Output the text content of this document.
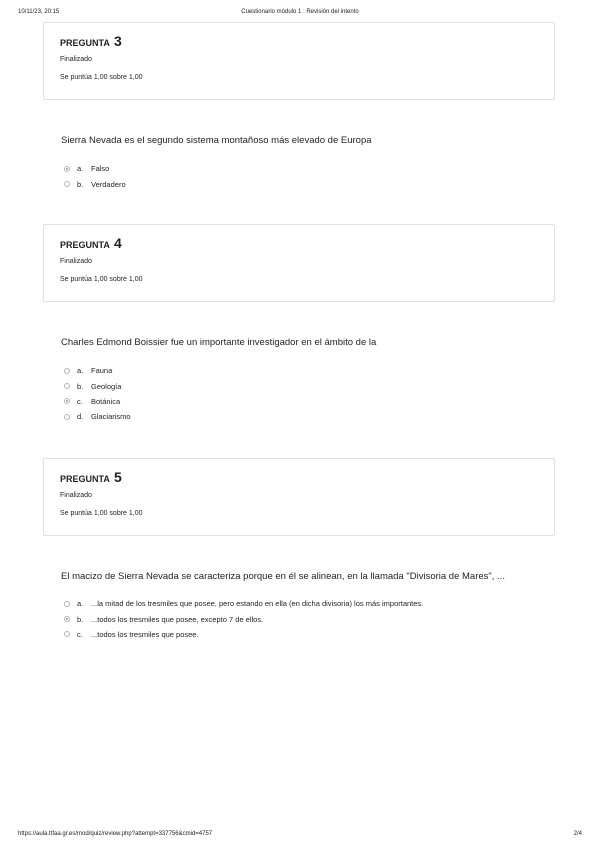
10/11/23, 20:15	Cuestionario módulo 1 : Revisión del intento
PREGUNTA 3
Finalizado
Se puntúa 1,00 sobre 1,00
Sierra Nevada es el segundo sistema montañoso más elevado de Europa
a.	Falso
b.	Verdadero
PREGUNTA 4
Finalizado
Se puntúa 1,00 sobre 1,00
Charles Edmond Boissier fue un importante investigador en el ámbito de la
a.	Fauna
b.	Geología
c.	Botánica
d.	Glaciarismo
PREGUNTA 5
Finalizado
Se puntúa 1,00 sobre 1,00
El macizo de Sierra Nevada se caracteriza porque en él se alinean, en la llamada "Divisoria de Mares", ...
a.	...la mitad de los tresmiles que posee, pero estando en ella (en dicha divisoria) los más importantes.
b.	...todos los tresmiles que posee, excepto 7 de ellos.
c.	...todos los tresmiles que posee.
https://aula.ttfaa.gr.es/mod/quiz/review.php?attempt=337756&cmid=4757	2/4
